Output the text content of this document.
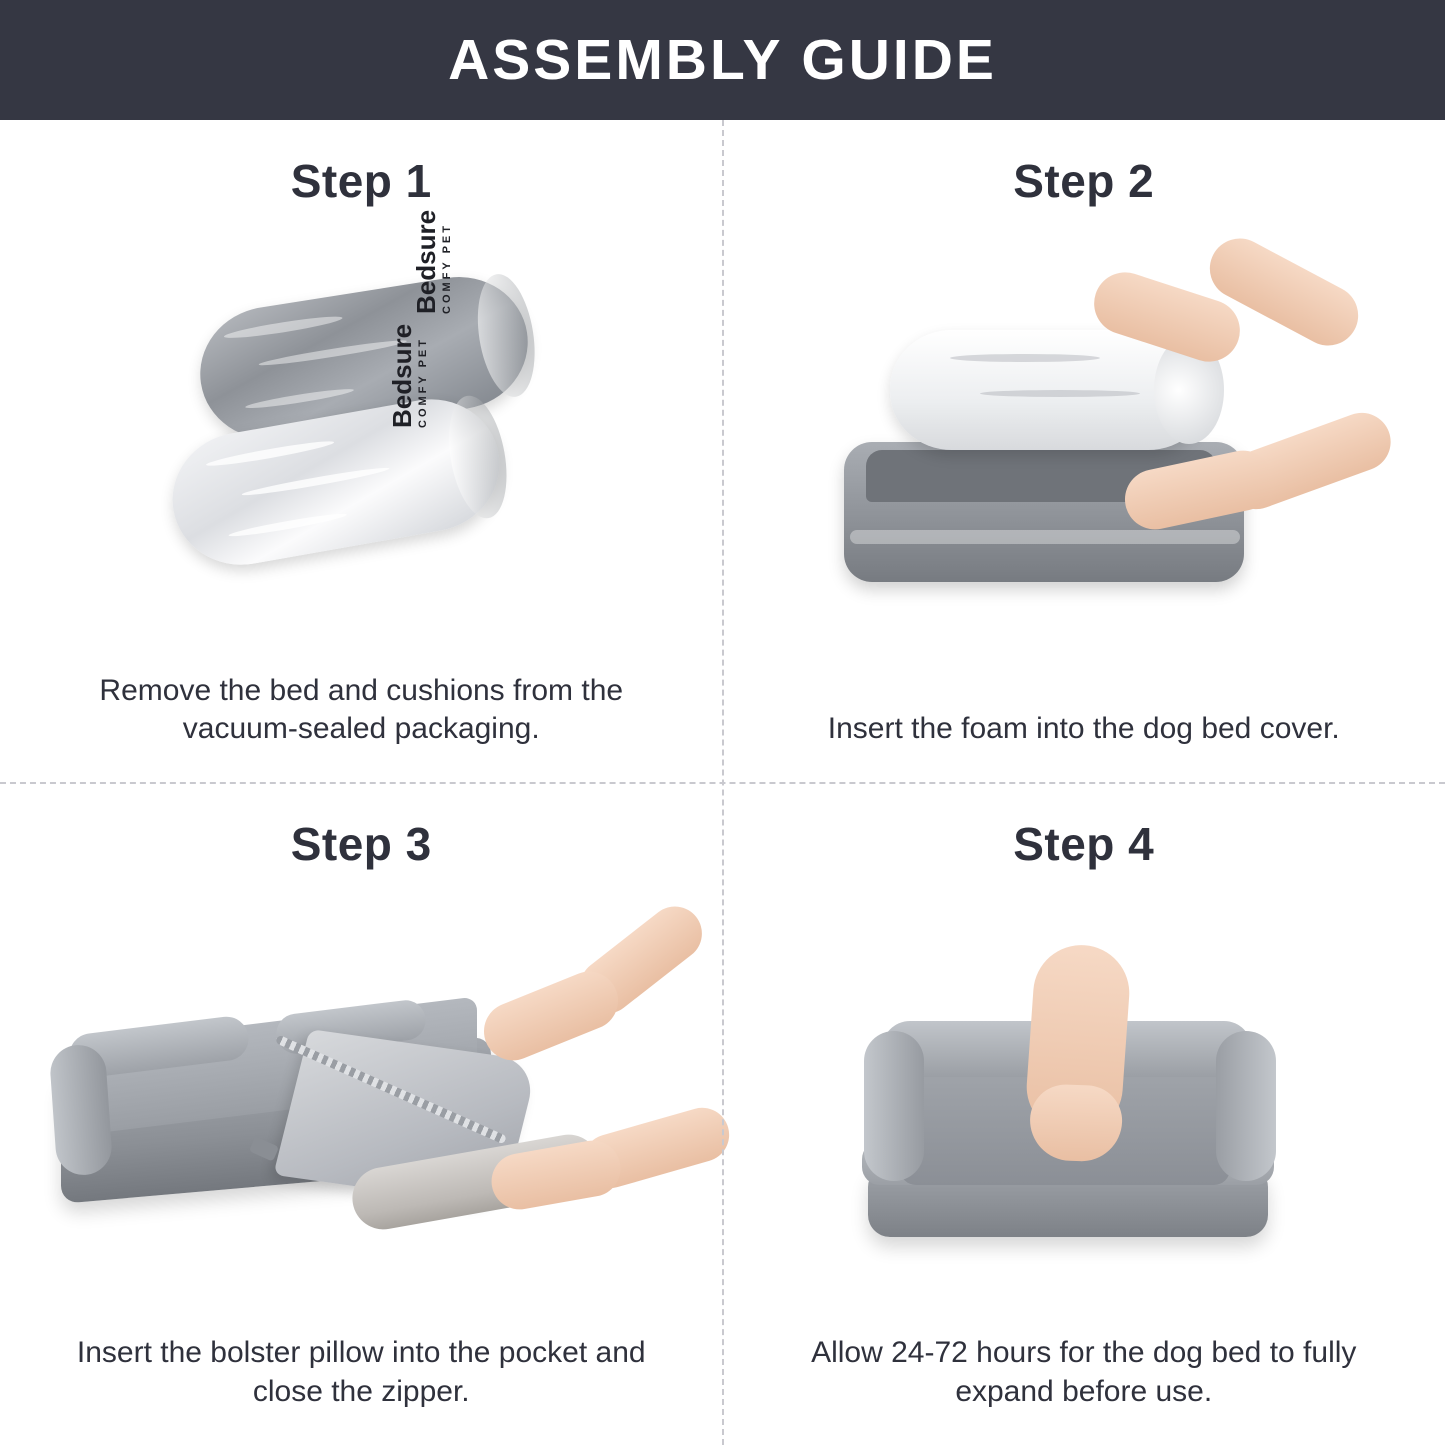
ASSEMBLY GUIDE
Step 1
Bedsure COMFY PET
Bedsure COMFY PET
Remove the bed and cushions from the vacuum-sealed packaging.
Step 2
Insert the foam into the dog bed cover.
Step 3
Insert the bolster pillow into the pocket and close the zipper.
Step 4
Allow 24-72 hours for the dog bed to fully expand before use.
